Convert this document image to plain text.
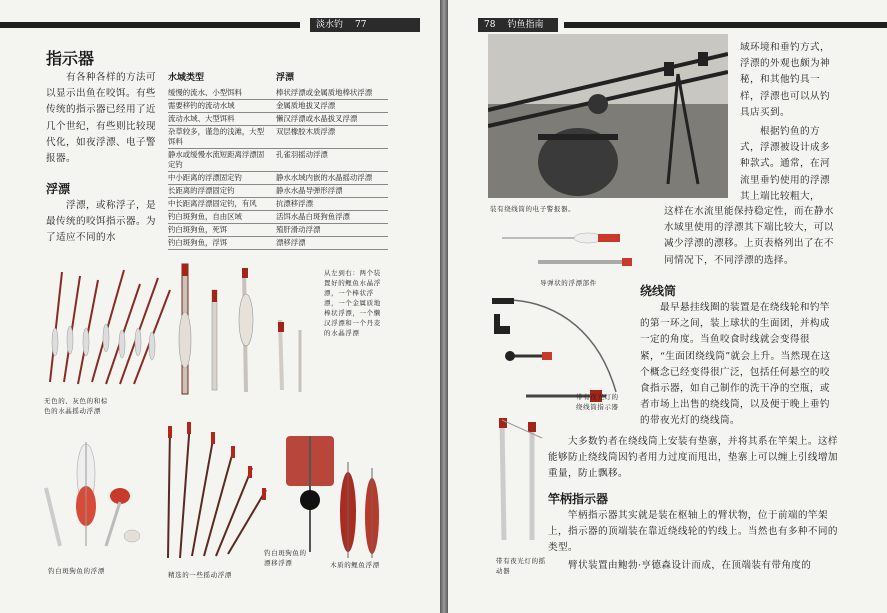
淡水钓 77
指示器
有各种各样的方法可以显示出鱼在咬饵。有些传统的指示器已经用了近几个世纪，有些则比较现代化，如夜浮漂、电子警报器。
浮漂
浮漂，或称浮子，是最传统的咬饵指示器。为了适应不同的水
水域类型	浮漂
缓慢的流水、小型饵料	棒状浮漂或金属质地棒状浮漂
需要移钓的流动水域	金属质地拔叉浮漂
流动水域、大型饵料	懒汉浮漂或水晶拔叉浮漂
杂草较多，谨急的浅滩，大型饵料	双层橡胶木质浮漂
静水或缓慢水流短距离浮漂固定钓	孔雀羽摇动浮漂
中小距离的浮漂固定钓	静水水域内嵌的水晶摇动浮漂
长距离的浮漂固定钓	静水水晶导弹形浮漂
中长距离浮漂固定钓，有风	抗漂移浮漂
钓白斑狗鱼，自由区域	活饵水晶白斑狗鱼浮漂
钓白斑狗鱼，死饵	殖肝滑动浮漂
钓白斑狗鱼，浮饵	漂移浮漂
从左到右：两个装置好的鲤鱼水晶浮漂，一个棒状浮漂，一个金属质地棒状浮漂，一个懒汉浮漂和一个丹麦的水晶浮漂
无色的、灰色的和棕色的水晶摇动浮漂
钓白斑狗鱼的浮漂	精选的一些摇动浮漂
钓白斑狗鱼的漂移浮漂	木质的鲤鱼浮漂
78 钓鱼指南
装有绕线筒的电子警报器。
域环境和垂钓方式，浮漂的外观也颇为神秘，和其他钓具一样，浮漂也可以从钓具店买到。
根据钓鱼的方式，浮漂被设计成多种款式。通常，在河流里垂钓使用的浮漂其上端比较粗大，
这样在水流里能保持稳定性，而在静水水域里使用的浮漂其下端比较大，可以减少浮漂的漂移。上页表格列出了在不同情况下，不同浮漂的选择。
导弹状的浮漂部件
带有夜光灯的绕线筒指示器
带有夜光灯的摇动器
绕线筒
最早悬挂线圈的装置是在绕线轮和钓竿的第一环之间，装上球状的生面团，并构成一定的角度。当鱼咬食时线就会变得很紧，“生面团绕线筒”就会上升。当然现在这个概念已经变得很广泛，包括任何悬空的咬食指示器，如自己制作的洗干净的空瓶，或者市场上出售的绕线筒，以及便于晚上垂钓的带夜光灯的绕线筒。
大多数钓者在绕线筒上安装有垫寨，并将其系在竿架上。这样能够防止绕线筒因钓者用力过度而甩出，垫寨上可以缠上引线增加重量，防止飘移。
竿柄指示器
竿柄指示器其实就是装在枢轴上的臂状物，位于前端的竿架上，指示器的顶端装在靠近绕线轮的钓线上。当然也有多种不同的类型。
臂状装置由鲍勃·亨德森设计而成，在顶端装有带角度的
